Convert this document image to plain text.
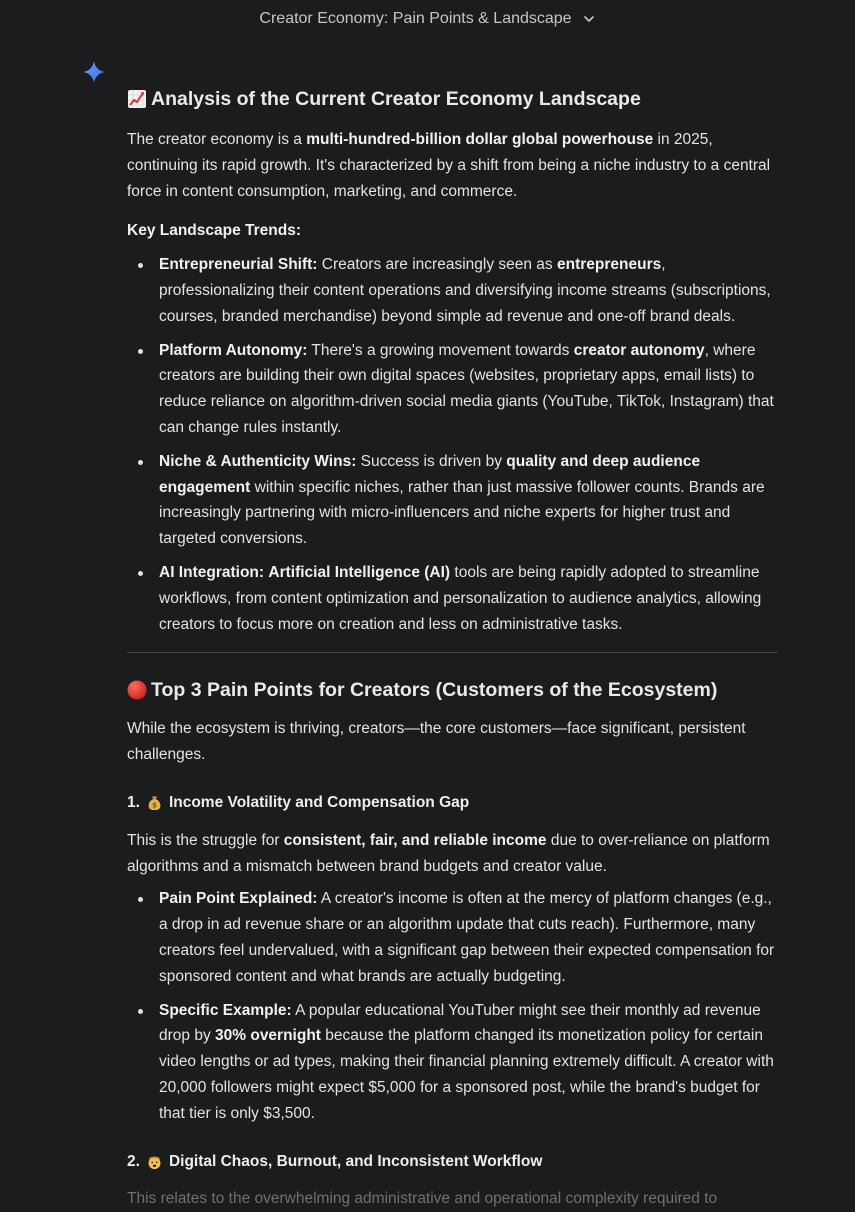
Creator Economy: Pain Points & Landscape
Analysis of the Current Creator Economy Landscape

The creator economy is a multi-hundred-billion dollar global powerhouse in 2025, continuing its rapid growth. It's characterized by a shift from being a niche industry to a central force in content consumption, marketing, and commerce.

Key Landscape Trends:

Entrepreneurial Shift: Creators are increasingly seen as entrepreneurs, professionalizing their content operations and diversifying income streams (subscriptions, courses, branded merchandise) beyond simple ad revenue and one-off brand deals.
Platform Autonomy: There's a growing movement towards creator autonomy, where creators are building their own digital spaces (websites, proprietary apps, email lists) to reduce reliance on algorithm-driven social media giants (YouTube, TikTok, Instagram) that can change rules instantly.
Niche & Authenticity Wins: Success is driven by quality and deep audience engagement within specific niches, rather than just massive follower counts. Brands are increasingly partnering with micro-influencers and niche experts for higher trust and targeted conversions.
AI Integration: Artificial Intelligence (AI) tools are being rapidly adopted to streamline workflows, from content optimization and personalization to audience analytics, allowing creators to focus more on creation and less on administrative tasks.
Top 3 Pain Points for Creators (Customers of the Ecosystem)

While the ecosystem is thriving, creators—the core customers—face significant, persistent challenges.

1. $ Income Volatility and Compensation Gap

This is the struggle for consistent, fair, and reliable income due to over-reliance on platform algorithms and a mismatch between brand budgets and creator value.

Pain Point Explained: A creator's income is often at the mercy of platform changes (e.g., a drop in ad revenue share or an algorithm update that cuts reach). Furthermore, many creators feel undervalued, with a significant gap between their expected compensation for sponsored content and what brands are actually budgeting.
Specific Example: A popular educational YouTuber might see their monthly ad revenue drop by 30% overnight because the platform changed its monetization policy for certain video lengths or ad types, making their financial planning extremely difficult. A creator with 20,000 followers might expect $5,000 for a sponsored post, while the brand's budget for that tier is only $3,500.
2. Digital Chaos, Burnout, and Inconsistent Workflow

This relates to the overwhelming administrative and operational complexity required to
